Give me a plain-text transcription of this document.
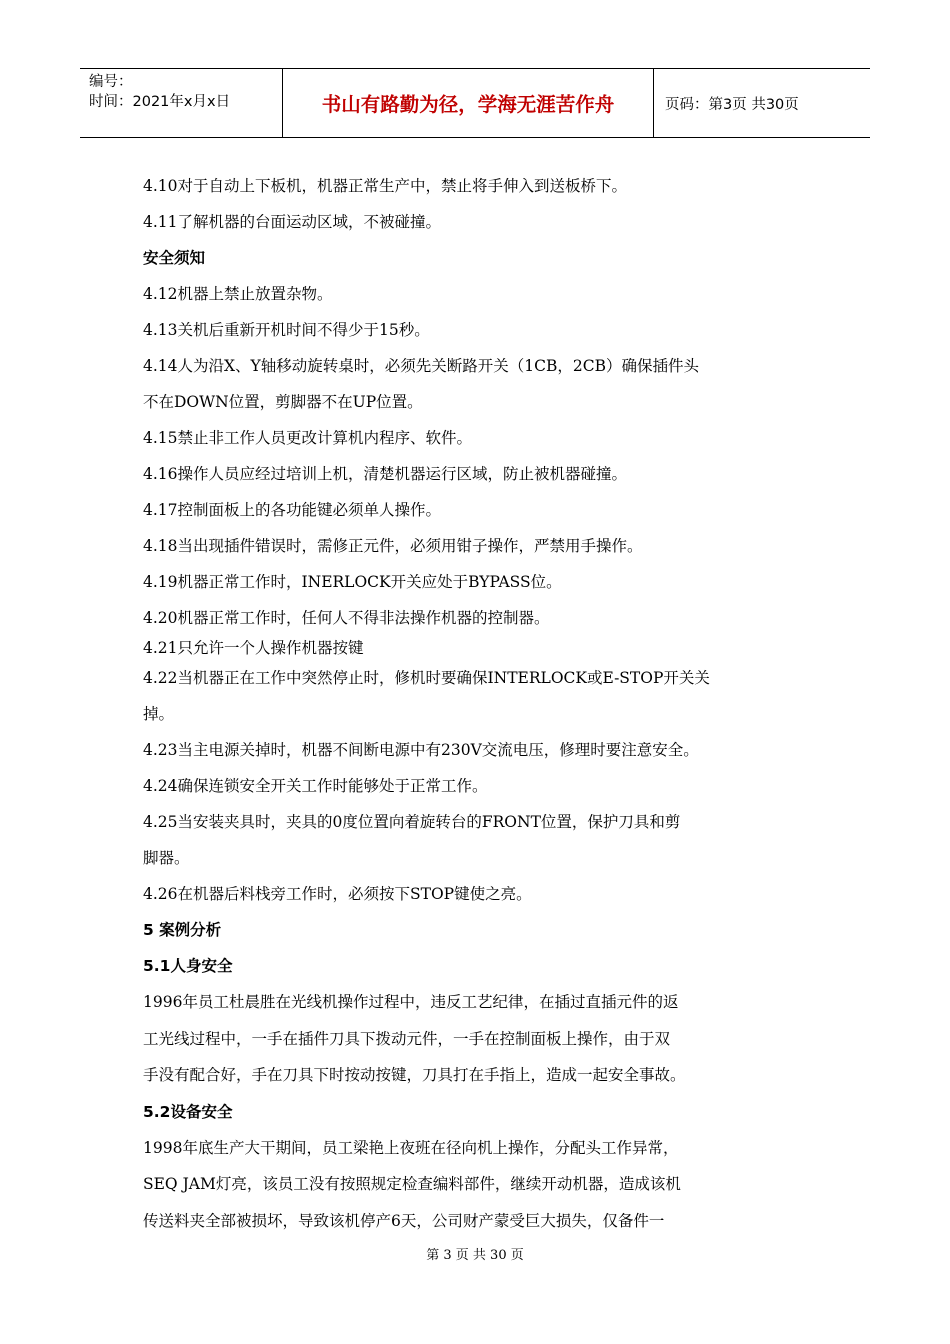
编号：
时间：2021年x月x日	书山有路勤为径，学海无涯苦作舟	页码：第3页 共30页

4.10对于自动上下板机，机器正常生产中，禁止将手伸入到送板桥下。

4.11了解机器的台面运动区域，不被碰撞。

安全须知

4.12机器上禁止放置杂物。

4.13关机后重新开机时间不得少于15秒。

4.14人为沿X、Y轴移动旋转桌时，必须先关断路开关（1CB，2CB）确保插件头

不在DOWN位置，剪脚器不在UP位置。

4.15禁止非工作人员更改计算机内程序、软件。

4.16操作人员应经过培训上机，清楚机器运行区域，防止被机器碰撞。

4.17控制面板上的各功能键必须单人操作。

4.18当出现插件错误时，需修正元件，必须用钳子操作，严禁用手操作。

4.19机器正常工作时，INERLOCK开关应处于BYPASS位。

4.20机器正常工作时，任何人不得非法操作机器的控制器。

4.21只允许一个人操作机器按键

4.22当机器正在工作中突然停止时，修机时要确保INTERLOCK或E-STOP开关关

掉。

4.23当主电源关掉时，机器不间断电源中有230V交流电压，修理时要注意安全。

4.24确保连锁安全开关工作时能够处于正常工作。

4.25当安装夹具时，夹具的0度位置向着旋转台的FRONT位置，保护刀具和剪

脚器。

4.26在机器后料栈旁工作时，必须按下STOP键使之亮。

5 案例分析

5.1人身安全

1996年员工杜晨胜在光线机操作过程中，违反工艺纪律，在插过直插元件的返

工光线过程中，一手在插件刀具下拨动元件，一手在控制面板上操作，由于双

手没有配合好，手在刀具下时按动按键，刀具打在手指上，造成一起安全事故。

5.2设备安全

1998年底生产大干期间，员工梁艳上夜班在径向机上操作，分配头工作异常，

SEQ JAM灯亮，该员工没有按照规定检查编料部件，继续开动机器，造成该机

传送料夹全部被损坏，导致该机停产6天，公司财产蒙受巨大损失，仅备件一

第 3 页 共 30 页
